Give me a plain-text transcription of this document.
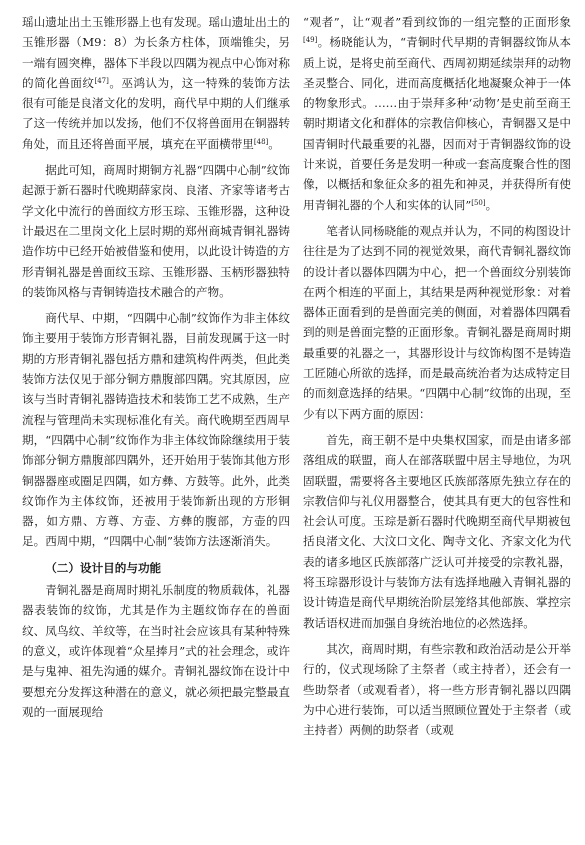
瑶山遗址出土玉锥形器上也有发现。瑶山遗址出土的玉锥形器（M9：8）为长条方柱体，顶端锥尖，另一端有圆突榫，器体下半段以四隅为视点中心饰对称的简化兽面纹[47]。巫鸿认为，这一特殊的装饰方法很有可能是良渚文化的发明，商代早中期的人们继承了这一传统并加以发扬，他们不仅将兽面用在铜器转角处，而且还将兽面平展，填充在平面横带里[48]。

据此可知，商周时期铜方礼器“四隅中心制”纹饰起源于新石器时代晚期薛家岗、良渚、齐家等诸考古学文化中流行的兽面纹方形玉琮、玉锥形器，这种设计最迟在二里岗文化上层时期的郑州商城青铜礼器铸造作坊中已经开始被借鉴和使用，以此设计铸造的方形青铜礼器是兽面纹玉琮、玉锥形器、玉柄形器独特的装饰风格与青铜铸造技术融合的产物。

商代早、中期，“四隅中心制”纹饰作为非主体纹饰主要用于装饰方形青铜礼器，目前发现属于这一时期的方形青铜礼器包括方鼎和建筑构件两类，但此类装饰方法仅见于部分铜方鼎腹部四隅。究其原因，应该与当时青铜礼器铸造技术和装饰工艺不成熟，生产流程与管理尚未实现标准化有关。商代晚期至西周早期，“四隅中心制”纹饰作为非主体纹饰除继续用于装饰部分铜方鼎腹部四隅外，还开始用于装饰其他方形铜器器座或圈足四隅，如方彝、方鼓等。此外，此类纹饰作为主体纹饰，还被用于装饰新出现的方形铜器，如方鼎、方尊、方壶、方彝的腹部，方壶的四足。西周中期，“四隅中心制”装饰方法逐渐消失。

（二）设计目的与功能

青铜礼器是商周时期礼乐制度的物质载体，礼器器表装饰的纹饰，尤其是作为主题纹饰存在的兽面纹、凤鸟纹、羊纹等，在当时社会应该具有某种特殊的意义，或许体现着“众星捧月”式的社会理念，或许是与鬼神、祖先沟通的媒介。青铜礼器纹饰在设计中要想充分发挥这种潜在的意义，就必须把最完整最直观的一面展现给

“观者”，让“观者”看到纹饰的一组完整的正面形象[49]。杨晓能认为，“青铜时代早期的青铜器纹饰从本质上说，是将史前至商代、西周初期延续崇拜的动物圣灵整合、同化，进而高度概括化地凝聚众神于一体的物象形式。……由于崇拜多种‘动物’是史前至商王朝时期诸文化和群体的宗教信仰核心，青铜器又是中国青铜时代最重要的礼器，因而对于青铜器纹饰的设计来说，首要任务是发明一种或一套高度聚合性的图像，以概括和象征众多的祖先和神灵，并获得所有使用青铜礼器的个人和实体的认同”[50]。

笔者认同杨晓能的观点并认为，不同的构图设计往往是为了达到不同的视觉效果，商代青铜礼器纹饰的设计者以器体四隅为中心，把一个兽面纹分别装饰在两个相连的平面上，其结果是两种视觉形象：对着器体正面看到的是兽面完美的侧面，对着器体四隅看到的则是兽面完整的正面形象。青铜礼器是商周时期最重要的礼器之一，其器形设计与纹饰构图不是铸造工匠随心所欲的选择，而是最高统治者为达成特定目的而刻意选择的结果。“四隅中心制”纹饰的出现，至少有以下两方面的原因：

首先，商王朝不是中央集权国家，而是由诸多部落组成的联盟，商人在部落联盟中居主导地位，为巩固联盟，需要将各主要地区氏族部落原先独立存在的宗教信仰与礼仪用器整合，使其具有更大的包容性和社会认可度。玉琮是新石器时代晚期至商代早期被包括良渚文化、大汶口文化、陶寺文化、齐家文化为代表的诸多地区氏族部落广泛认可并接受的宗教礼器，将玉琮器形设计与装饰方法有选择地融入青铜礼器的设计铸造是商代早期统治阶层笼络其他部族、掌控宗教话语权进而加强自身统治地位的必然选择。

其次，商周时期，有些宗教和政治活动是公开举行的，仪式现场除了主祭者（或主持者），还会有一些助祭者（或观看者），将一些方形青铜礼器以四隅为中心进行装饰，可以适当照顾位置处于主祭者（或主持者）两侧的助祭者（或观
